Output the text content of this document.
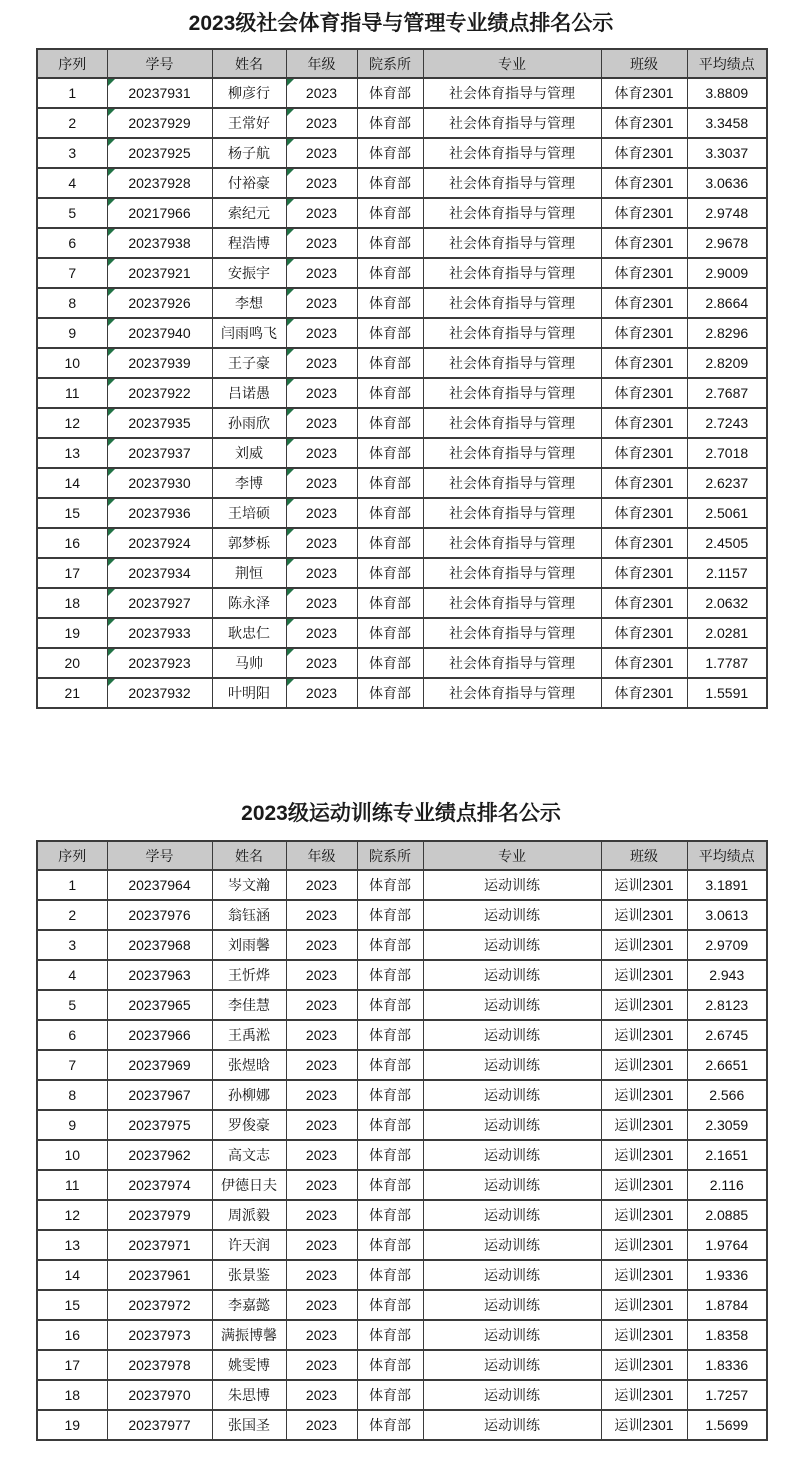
2023级社会体育指导与管理专业绩点排名公示
序列	学号	姓名	年级	院系所	专业	班级	平均绩点
1	20237931	柳彦行	2023	体育部	社会体育指导与管理	体育2301	3.8809
2	20237929	王常好	2023	体育部	社会体育指导与管理	体育2301	3.3458
3	20237925	杨子航	2023	体育部	社会体育指导与管理	体育2301	3.3037
4	20237928	付裕豪	2023	体育部	社会体育指导与管理	体育2301	3.0636
5	20217966	索纪元	2023	体育部	社会体育指导与管理	体育2301	2.9748
6	20237938	程浩博	2023	体育部	社会体育指导与管理	体育2301	2.9678
7	20237921	安振宇	2023	体育部	社会体育指导与管理	体育2301	2.9009
8	20237926	李想	2023	体育部	社会体育指导与管理	体育2301	2.8664
9	20237940	闫雨鸣飞	2023	体育部	社会体育指导与管理	体育2301	2.8296
10	20237939	王子豪	2023	体育部	社会体育指导与管理	体育2301	2.8209
11	20237922	吕诺愚	2023	体育部	社会体育指导与管理	体育2301	2.7687
12	20237935	孙雨欣	2023	体育部	社会体育指导与管理	体育2301	2.7243
13	20237937	刘威	2023	体育部	社会体育指导与管理	体育2301	2.7018
14	20237930	李博	2023	体育部	社会体育指导与管理	体育2301	2.6237
15	20237936	王培硕	2023	体育部	社会体育指导与管理	体育2301	2.5061
16	20237924	郭梦栎	2023	体育部	社会体育指导与管理	体育2301	2.4505
17	20237934	荆恒	2023	体育部	社会体育指导与管理	体育2301	2.1157
18	20237927	陈永泽	2023	体育部	社会体育指导与管理	体育2301	2.0632
19	20237933	耿忠仁	2023	体育部	社会体育指导与管理	体育2301	2.0281
20	20237923	马帅	2023	体育部	社会体育指导与管理	体育2301	1.7787
21	20237932	叶明阳	2023	体育部	社会体育指导与管理	体育2301	1.5591
2023级运动训练专业绩点排名公示
序列	学号	姓名	年级	院系所	专业	班级	平均绩点
1	20237964	岑文瀚	2023	体育部	运动训练	运训2301	3.1891
2	20237976	翁钰涵	2023	体育部	运动训练	运训2301	3.0613
3	20237968	刘雨馨	2023	体育部	运动训练	运训2301	2.9709
4	20237963	王忻烨	2023	体育部	运动训练	运训2301	2.943
5	20237965	李佳慧	2023	体育部	运动训练	运训2301	2.8123
6	20237966	王禹淞	2023	体育部	运动训练	运训2301	2.6745
7	20237969	张煜晗	2023	体育部	运动训练	运训2301	2.6651
8	20237967	孙柳娜	2023	体育部	运动训练	运训2301	2.566
9	20237975	罗俊豪	2023	体育部	运动训练	运训2301	2.3059
10	20237962	高文志	2023	体育部	运动训练	运训2301	2.1651
11	20237974	伊德日夫	2023	体育部	运动训练	运训2301	2.116
12	20237979	周派毅	2023	体育部	运动训练	运训2301	2.0885
13	20237971	许天润	2023	体育部	运动训练	运训2301	1.9764
14	20237961	张景鉴	2023	体育部	运动训练	运训2301	1.9336
15	20237972	李嘉懿	2023	体育部	运动训练	运训2301	1.8784
16	20237973	满振博馨	2023	体育部	运动训练	运训2301	1.8358
17	20237978	姚雯博	2023	体育部	运动训练	运训2301	1.8336
18	20237970	朱思博	2023	体育部	运动训练	运训2301	1.7257
19	20237977	张国圣	2023	体育部	运动训练	运训2301	1.5699
